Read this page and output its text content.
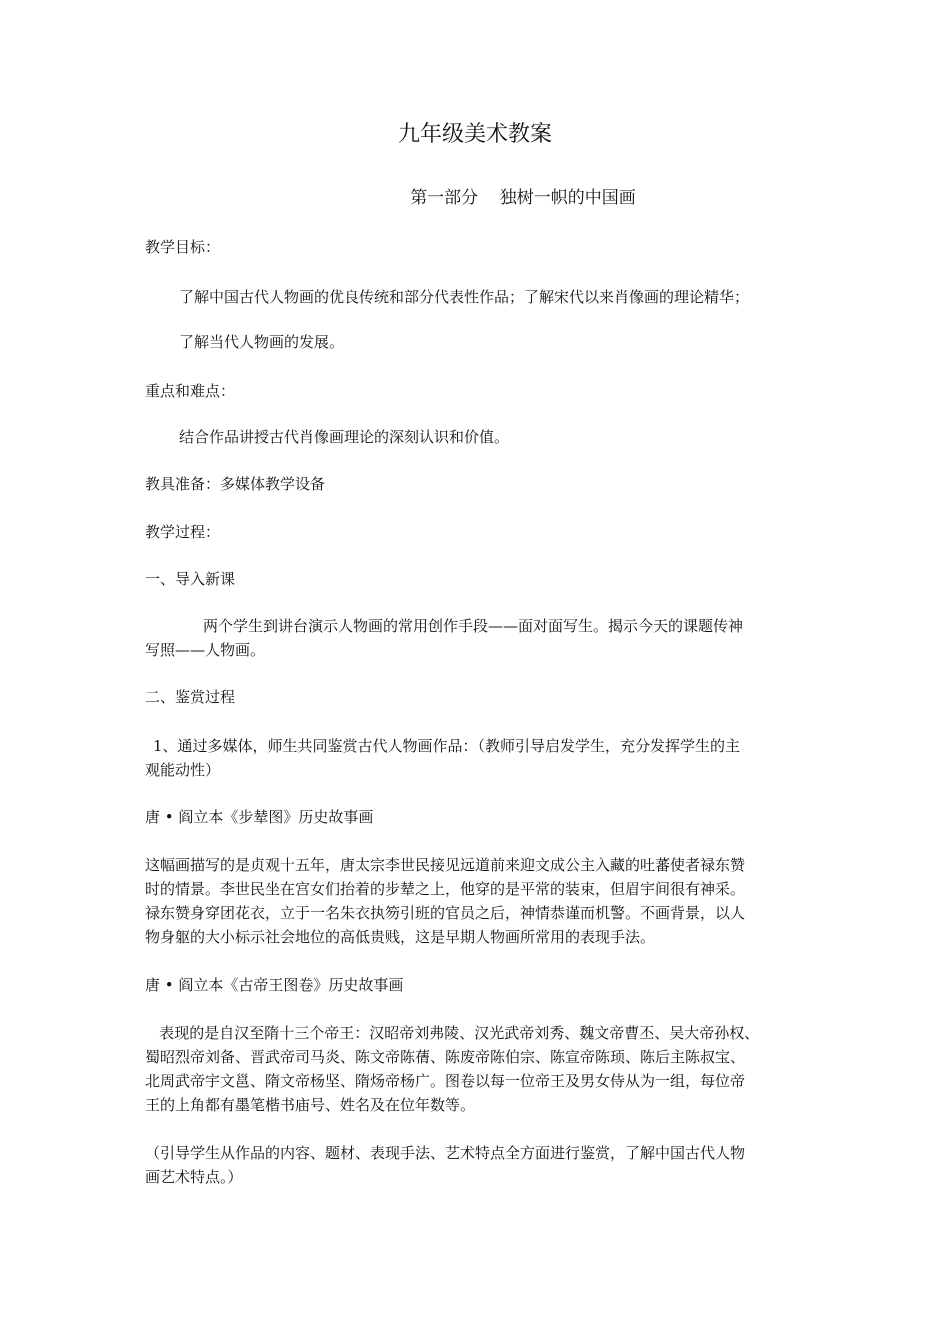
九年级美术教案
第一部分    独树一帜的中国画
教学目标：
了解中国古代人物画的优良传统和部分代表性作品；了解宋代以来肖像画的理论精华；
了解当代人物画的发展。
重点和难点：
结合作品讲授古代肖像画理论的深刻认识和价值。
教具准备：多媒体教学设备
教学过程：
一、导入新课
两个学生到讲台演示人物画的常用创作手段——面对面写生。揭示今天的课题传神
写照——人物画。
二、鉴赏过程
1、通过多媒体，师生共同鉴赏古代人物画作品：（教师引导启发学生，充分发挥学生的主
观能动性）
唐 • 阎立本《步辇图》历史故事画
这幅画描写的是贞观十五年，唐太宗李世民接见远道前来迎文成公主入藏的吐蕃使者禄东赞
时的情景。李世民坐在宫女们抬着的步辇之上，他穿的是平常的装束，但眉宇间很有神采。
禄东赞身穿团花衣，立于一名朱衣执笏引班的官员之后，神情恭谨而机警。不画背景，以人
物身躯的大小标示社会地位的高低贵贱，这是早期人物画所常用的表现手法。
唐 • 阎立本《古帝王图卷》历史故事画
表现的是自汉至隋十三个帝王：汉昭帝刘弗陵、汉光武帝刘秀、魏文帝曹丕、吴大帝孙权、
蜀昭烈帝刘备、晋武帝司马炎、陈文帝陈蒨、陈废帝陈伯宗、陈宣帝陈顼、陈后主陈叔宝、
北周武帝宇文邕、隋文帝杨坚、隋炀帝杨广。图卷以每一位帝王及男女侍从为一组，每位帝
王的上角都有墨笔楷书庙号、姓名及在位年数等。
（引导学生从作品的内容、题材、表现手法、艺术特点全方面进行鉴赏，了解中国古代人物
画艺术特点。）
